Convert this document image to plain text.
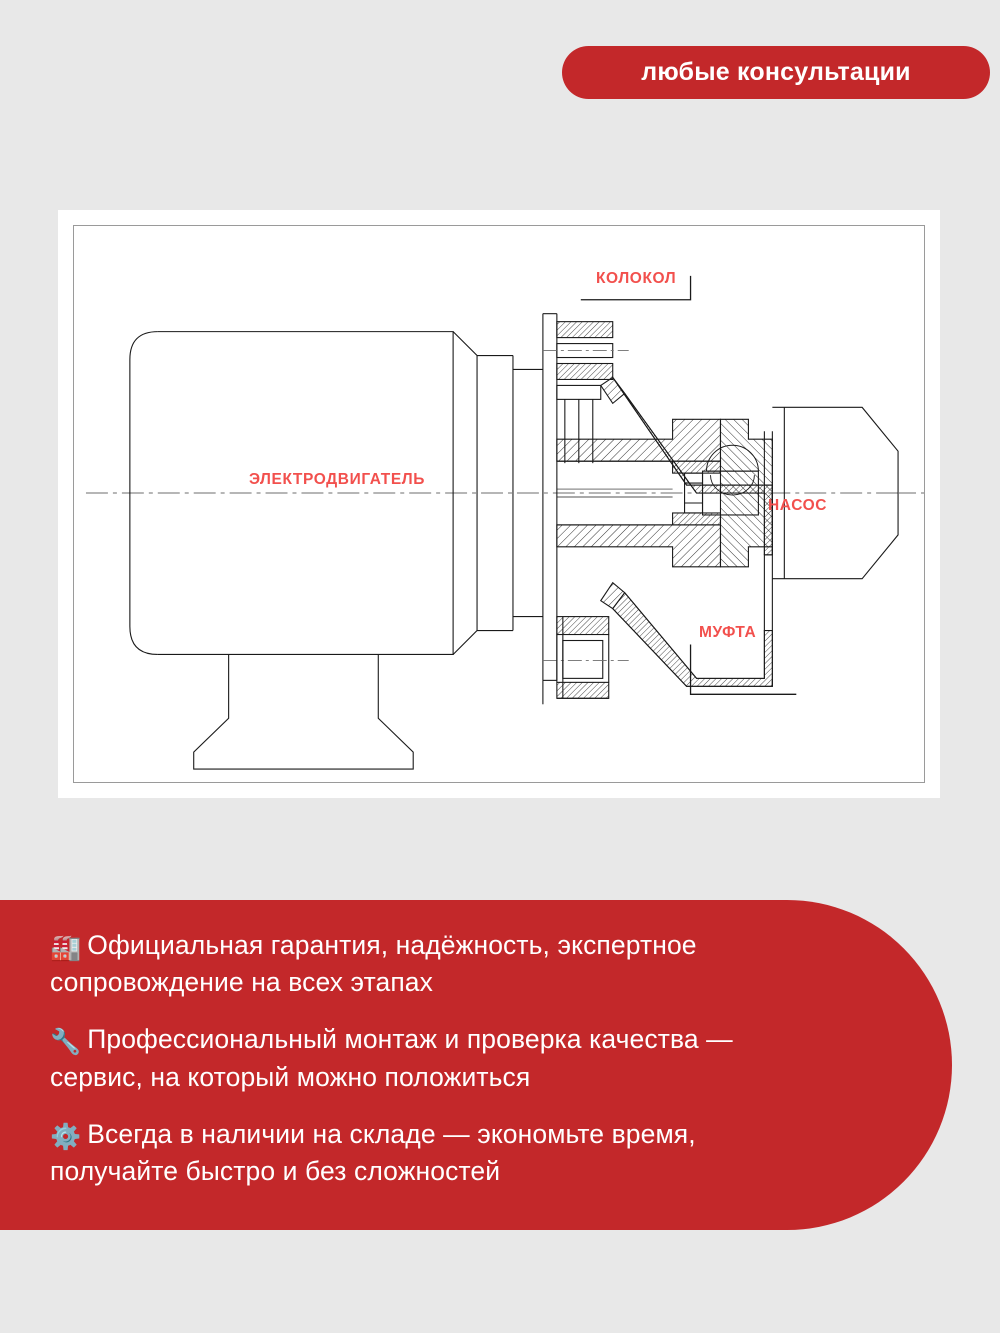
любые консультации
ЭЛЕКТРОДВИГАТЕЛЬ
КОЛОКОЛ
НАСОС
МУФТА
🏭 Официальная гарантия, надёжность, экспертное сопровождение на всех этапах
🔧 Профессиональный монтаж и проверка качества — сервис, на который можно положиться
⚙️ Всегда в наличии на складе — экономьте время, получайте быстро и без сложностей
